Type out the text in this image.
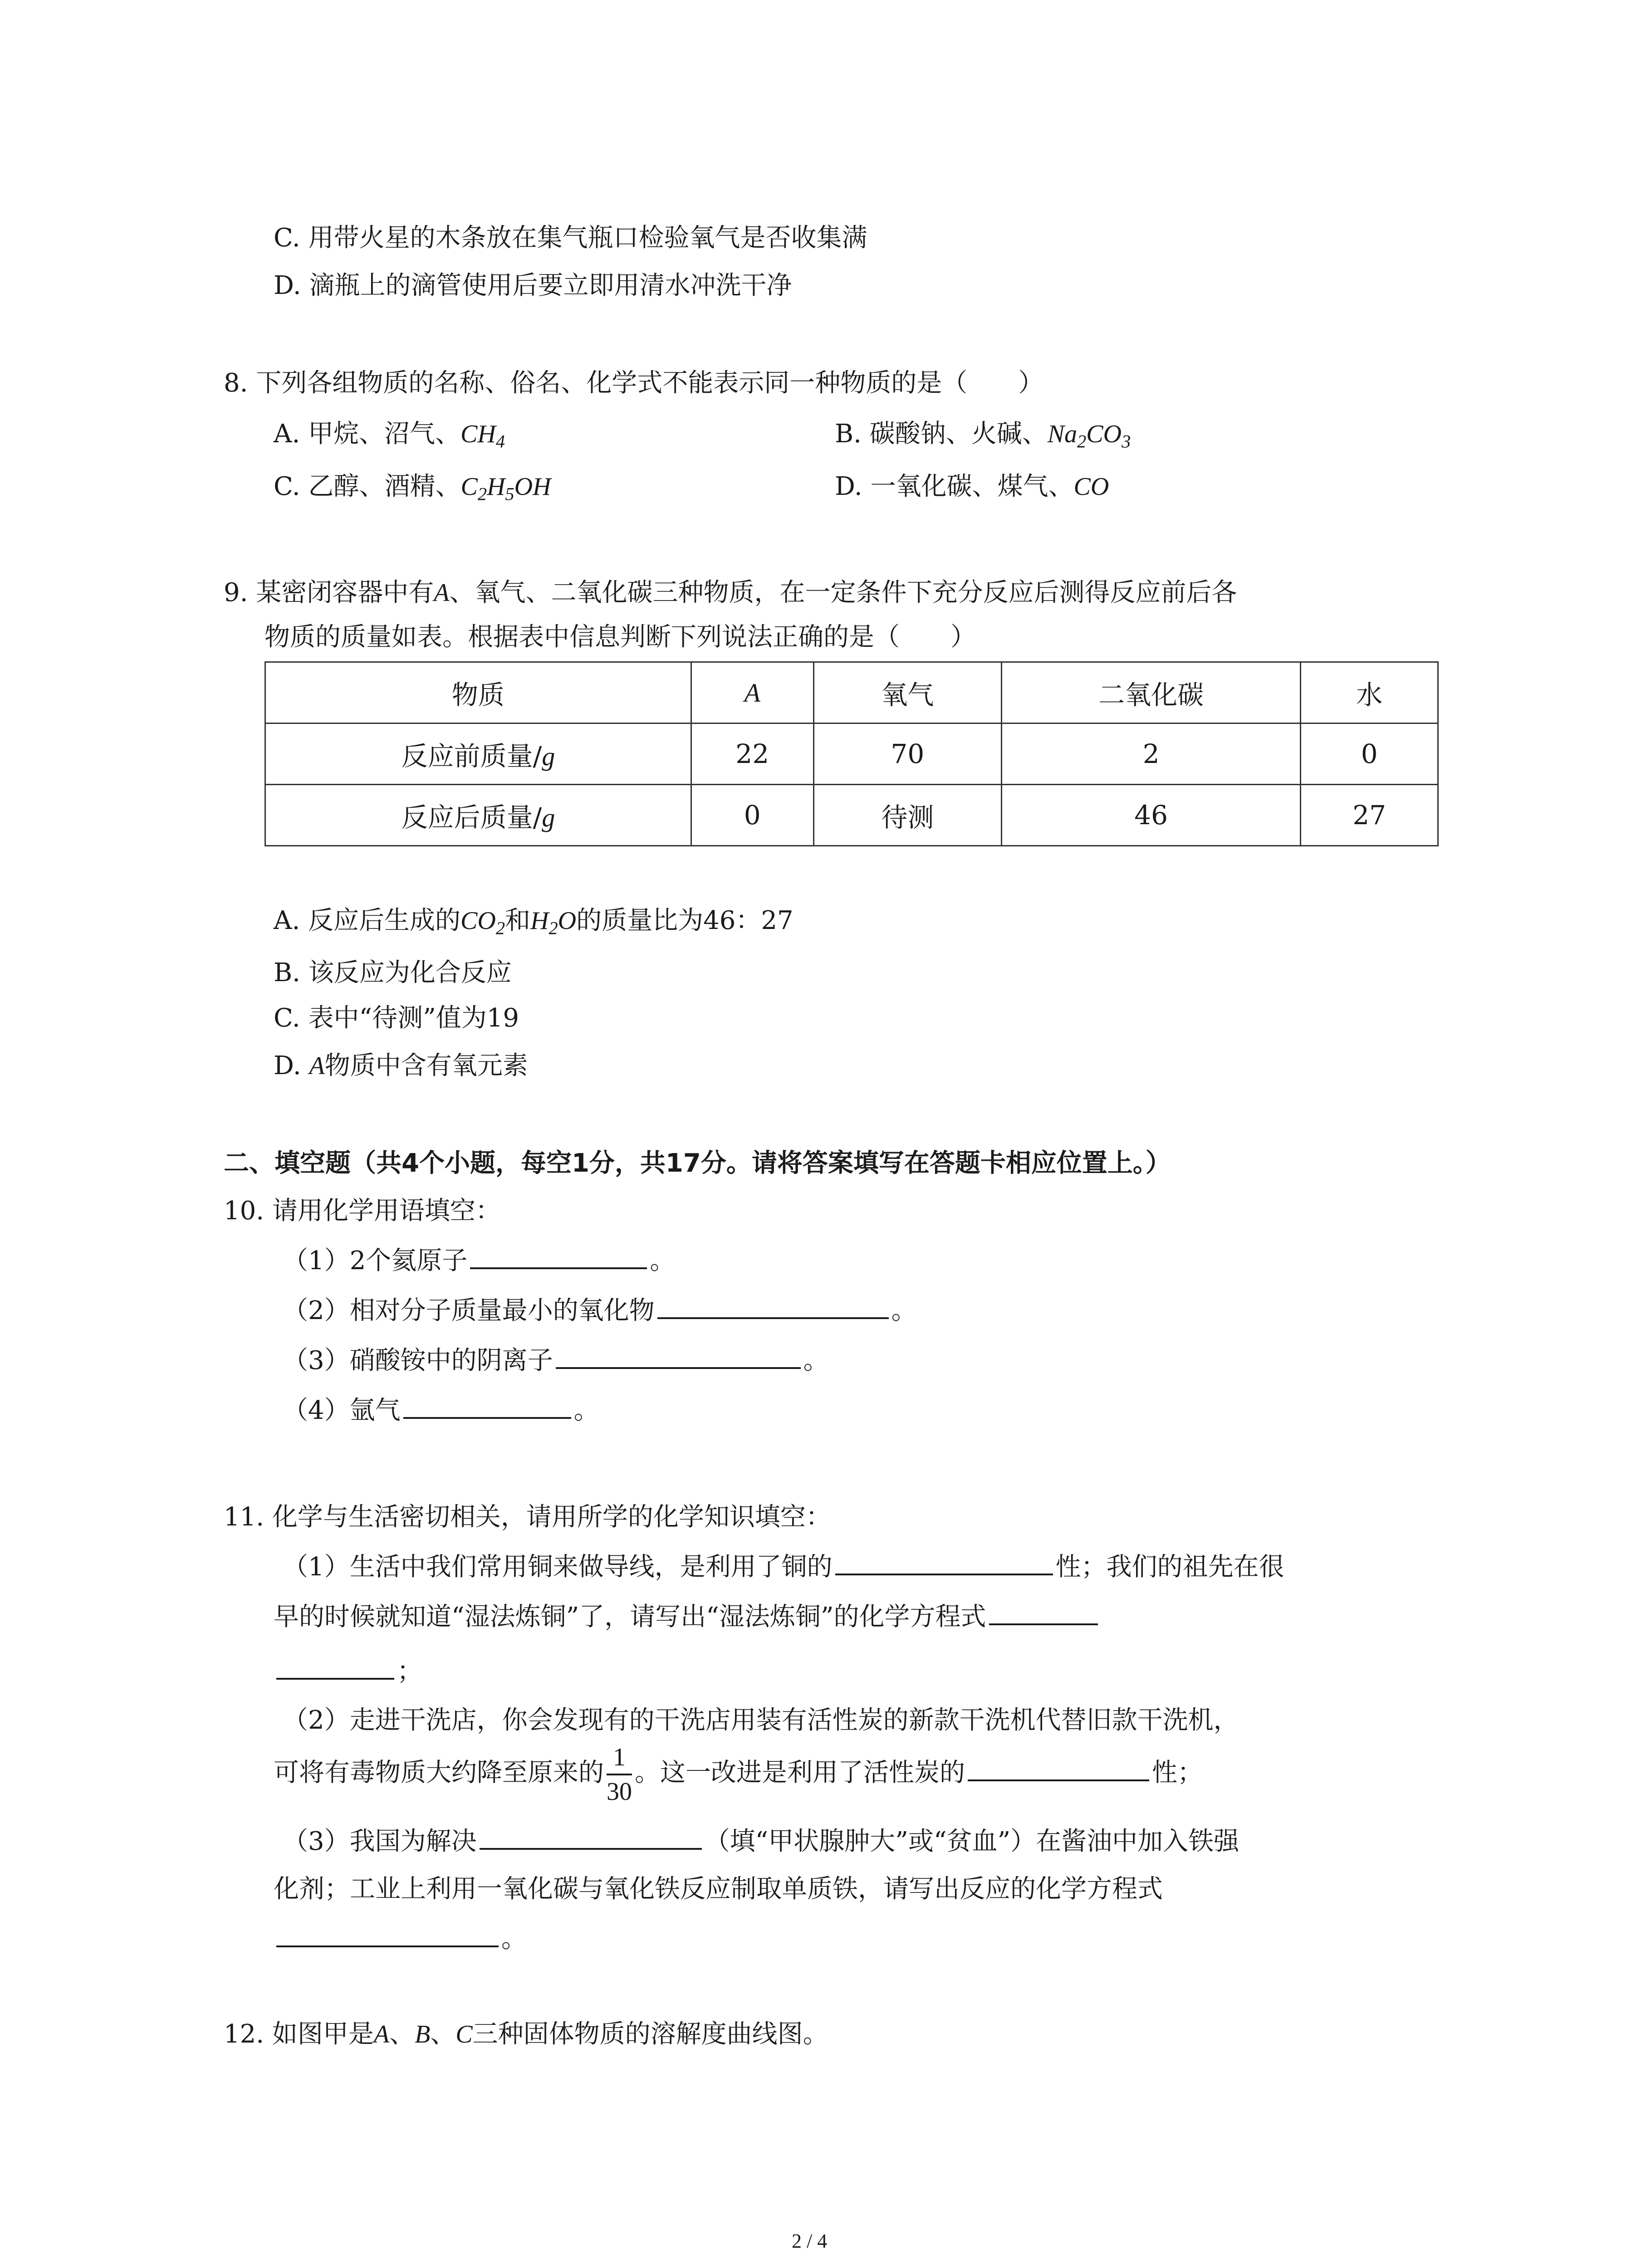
C. 用带火星的木条放在集气瓶口检验氧气是否收集满
D. 滴瓶上的滴管使用后要立即用清水冲洗干净
8. 下列各组物质的名称、俗名、化学式不能表示同一种物质的是（　　）
A. 甲烷、沼气、$CH_4$	B. 碳酸钠、火碱、$Na_2CO_3$
C. 乙醇、酒精、$C_2H_5OH$	D. 一氧化碳、煤气、CO
9. 某密闭容器中有A、氧气、二氧化碳三种物质，在一定条件下充分反应后测得反应前后各
物质的质量如表。根据表中信息判断下列说法正确的是（　　）
物质	A	氧气	二氧化碳	水
反应前质量/g	22	70	2	0
反应后质量/g	0	待测	46	27
A. 反应后生成的$CO_2$和$H_2O$的质量比为46：27
B. 该反应为化合反应
C. 表中“待测”值为19
D. A物质中含有氧元素
二、填空题（共4个小题，每空1分，共17分。请将答案填写在答题卡相应位置上。）
10. 请用化学用语填空：
（1）2个氦原子	。
（2）相对分子质量最小的氧化物	。
（3）硝酸铵中的阴离子	。
（4）氩气	。
11. 化学与生活密切相关，请用所学的化学知识填空：
（1）生活中我们常用铜来做导线，是利用了铜的	性；我们的祖先在很
早的时候就知道“湿法炼铜”了，请写出“湿法炼铜”的化学方程式
；
（2）走进干洗店，你会发现有的干洗店用装有活性炭的新款干洗机代替旧款干洗机，
可将有毒物质大约降至原来的 $\frac{1}{30}$ 。这一改进是利用了活性炭的	性；
（3）我国为解决	（填“甲状腺肿大”或“贫血”）在酱油中加入铁强
化剂；工业上利用一氧化碳与氧化铁反应制取单质铁，请写出反应的化学方程式
。
12. 如图甲是A、B、C三种固体物质的溶解度曲线图。
2 / 4
